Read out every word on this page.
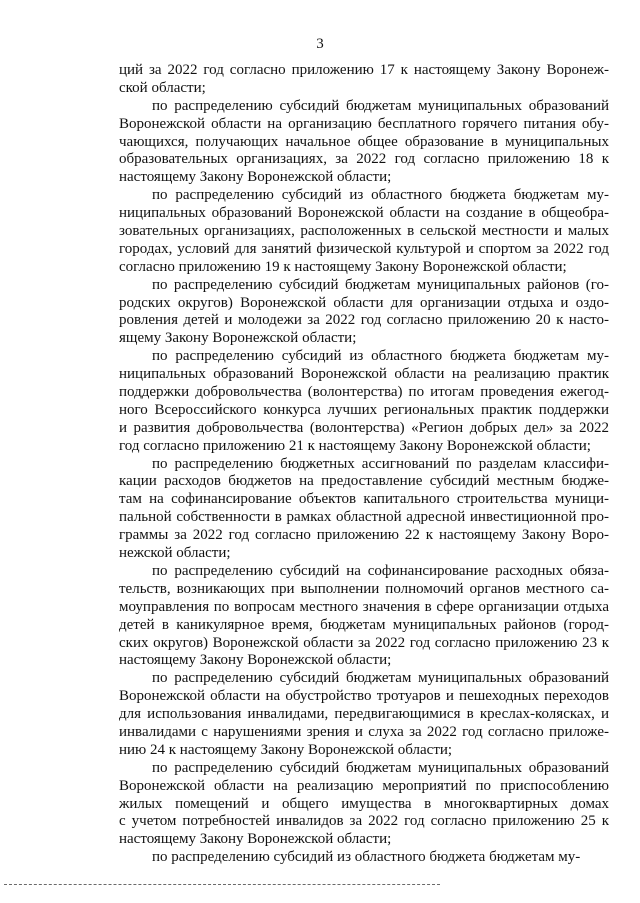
3
ций за 2022 год согласно приложению 17 к настоящему Закону Воронеж-
ской области;
по распределению субсидий бюджетам муниципальных образований
Воронежской области на организацию бесплатного горячего питания обу-
чающихся, получающих начальное общее образование в муниципальных
образовательных организациях, за 2022 год согласно приложению 18 к
настоящему Закону Воронежской области;
по распределению субсидий из областного бюджета бюджетам му-
ниципальных образований Воронежской области на создание в общеобра-
зовательных организациях, расположенных в сельской местности и малых
городах, условий для занятий физической культурой и спортом за 2022 год
согласно приложению 19 к настоящему Закону Воронежской области;
по распределению субсидий бюджетам муниципальных районов (го-
родских округов) Воронежской области для организации отдыха и оздо-
ровления детей и молодежи за 2022 год согласно приложению 20 к насто-
ящему Закону Воронежской области;
по распределению субсидий из областного бюджета бюджетам му-
ниципальных образований Воронежской области на реализацию практик
поддержки добровольчества (волонтерства) по итогам проведения ежегод-
ного Всероссийского конкурса лучших региональных практик поддержки
и развития добровольчества (волонтерства) «Регион добрых дел» за 2022
год согласно приложению 21 к настоящему Закону Воронежской области;
по распределению бюджетных ассигнований по разделам классифи-
кации расходов бюджетов на предоставление субсидий местным бюдже-
там на софинансирование объектов капитального строительства муници-
пальной собственности в рамках областной адресной инвестиционной про-
граммы за 2022 год согласно приложению 22 к настоящему Закону Воро-
нежской области;
по распределению субсидий на софинансирование расходных обяза-
тельств, возникающих при выполнении полномочий органов местного са-
моуправления по вопросам местного значения в сфере организации отдыха
детей в каникулярное время, бюджетам муниципальных районов (город-
ских округов) Воронежской области за 2022 год согласно приложению 23 к
настоящему Закону Воронежской области;
по распределению субсидий бюджетам муниципальных образований
Воронежской области на обустройство тротуаров и пешеходных переходов
для использования инвалидами, передвигающимися в креслах-колясках, и
инвалидами с нарушениями зрения и слуха за 2022 год согласно приложе-
нию 24 к настоящему Закону Воронежской области;
по распределению субсидий бюджетам муниципальных образований
Воронежской области на реализацию мероприятий по приспособлению
жилых помещений и общего имущества в многоквартирных домах
с учетом потребностей инвалидов за 2022 год согласно приложению 25 к
настоящему Закону Воронежской области;
по распределению субсидий из областного бюджета бюджетам му-
